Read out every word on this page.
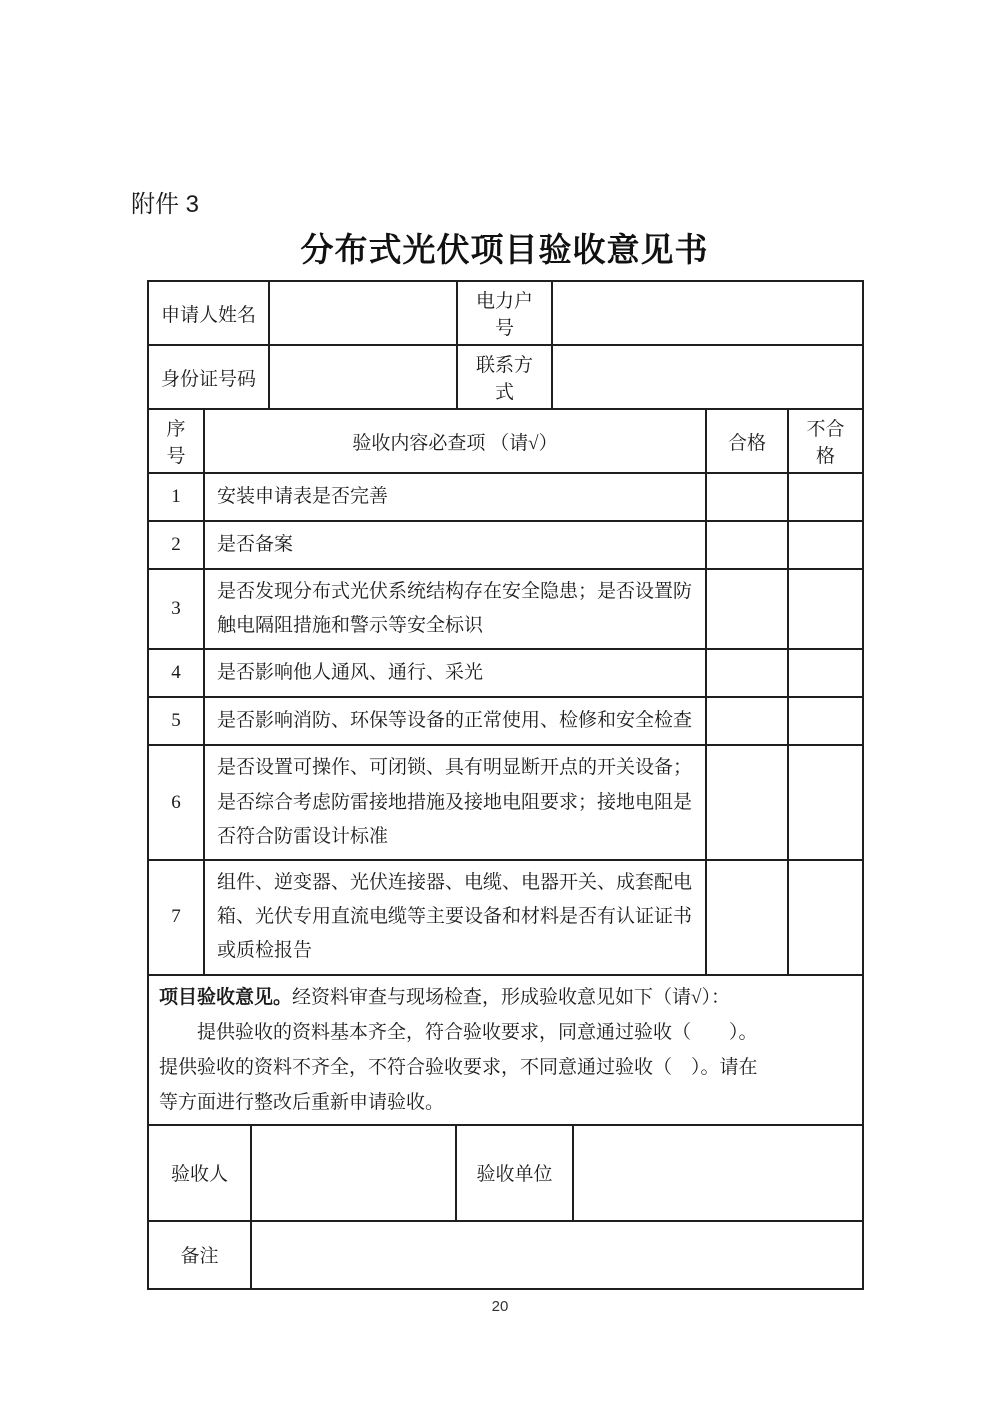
附件 3
分布式光伏项目验收意见书
申请人姓名		电力户号	
身份证号码		联系方式	
序号	验收内容必查项 （请√）	合格	不合格
1	安装申请表是否完善		
2	是否备案		
3	是否发现分布式光伏系统结构存在安全隐患；是否设置防触电隔阻措施和警示等安全标识		
4	是否影响他人通风、通行、采光		
5	是否影响消防、环保等设备的正常使用、检修和安全检查		
6	是否设置可操作、可闭锁、具有明显断开点的开关设备；是否综合考虑防雷接地措施及接地电阻要求；接地电阻是否符合防雷设计标准		
7	组件、逆变器、光伏连接器、电缆、电器开关、成套配电箱、光伏专用直流电缆等主要设备和材料是否有认证证书或质检报告		

项目验收意见。经资料审查与现场检查，形成验收意见如下（请√）：

提供验收的资料基本齐全，符合验收要求，同意通过验收（　　）。

提供验收的资料不齐全，不符合验收要求，不同意通过验收（　）。请在

等方面进行整改后重新申请验收。

验收人		验收单位	
备注	
20
